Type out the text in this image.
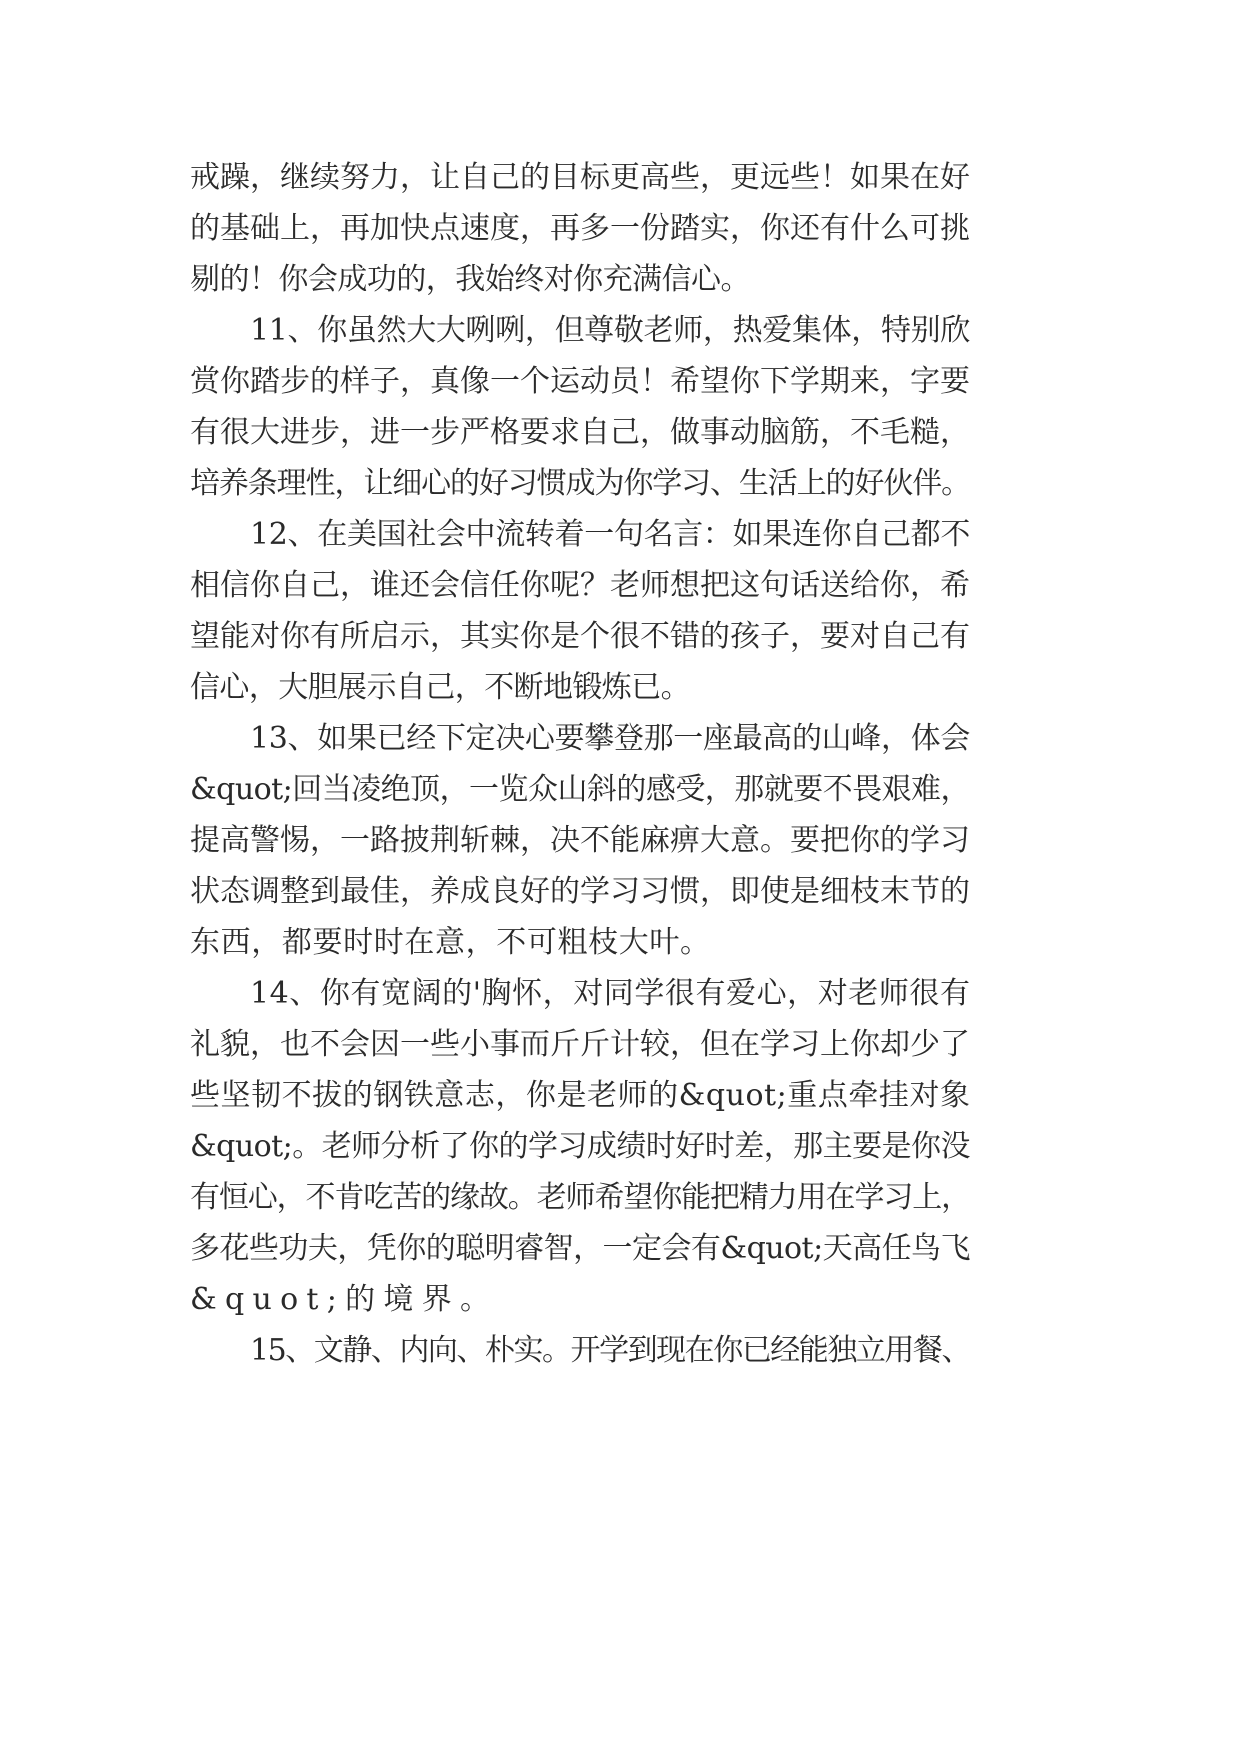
戒躁，继续努力，让自己的目标更高些，更远些！如果在好
的基础上，再加快点速度，再多一份踏实，你还有什么可挑
剔的！你会成功的，我始终对你充满信心。
11、你虽然大大咧咧，但尊敬老师，热爱集体，特别欣
赏你踏步的样子，真像一个运动员！希望你下学期来，字要
有很大进步，进一步严格要求自己，做事动脑筋，不毛糙，
培养条理性，让细心的好习惯成为你学习、生活上的好伙伴。
12、在美国社会中流转着一句名言：如果连你自己都不
相信你自己，谁还会信任你呢？老师想把这句话送给你，希
望能对你有所启示，其实你是个很不错的孩子，要对自己有
信心，大胆展示自己，不断地锻炼已。
13、如果已经下定决心要攀登那一座最高的山峰，体会
&quot;回当凌绝顶，一览众山斜的感受，那就要不畏艰难，
提高警惕，一路披荆斩棘，决不能麻痹大意。要把你的学习
状态调整到最佳，养成良好的学习习惯，即使是细枝末节的
东西，都要时时在意，不可粗枝大叶。
14、你有宽阔的'胸怀，对同学很有爱心，对老师很有
礼貌，也不会因一些小事而斤斤计较，但在学习上你却少了
些坚韧不拔的钢铁意志，你是老师的&quot;重点牵挂对象
&quot;。老师分析了你的学习成绩时好时差，那主要是你没
有恒心，不肯吃苦的缘故。老师希望你能把精力用在学习上，
多花些功夫，凭你的聪明睿智，一定会有&quot;天高任鸟飞
&quot;的境界。
15、文静、内向、朴实。开学到现在你已经能独立用餐、
